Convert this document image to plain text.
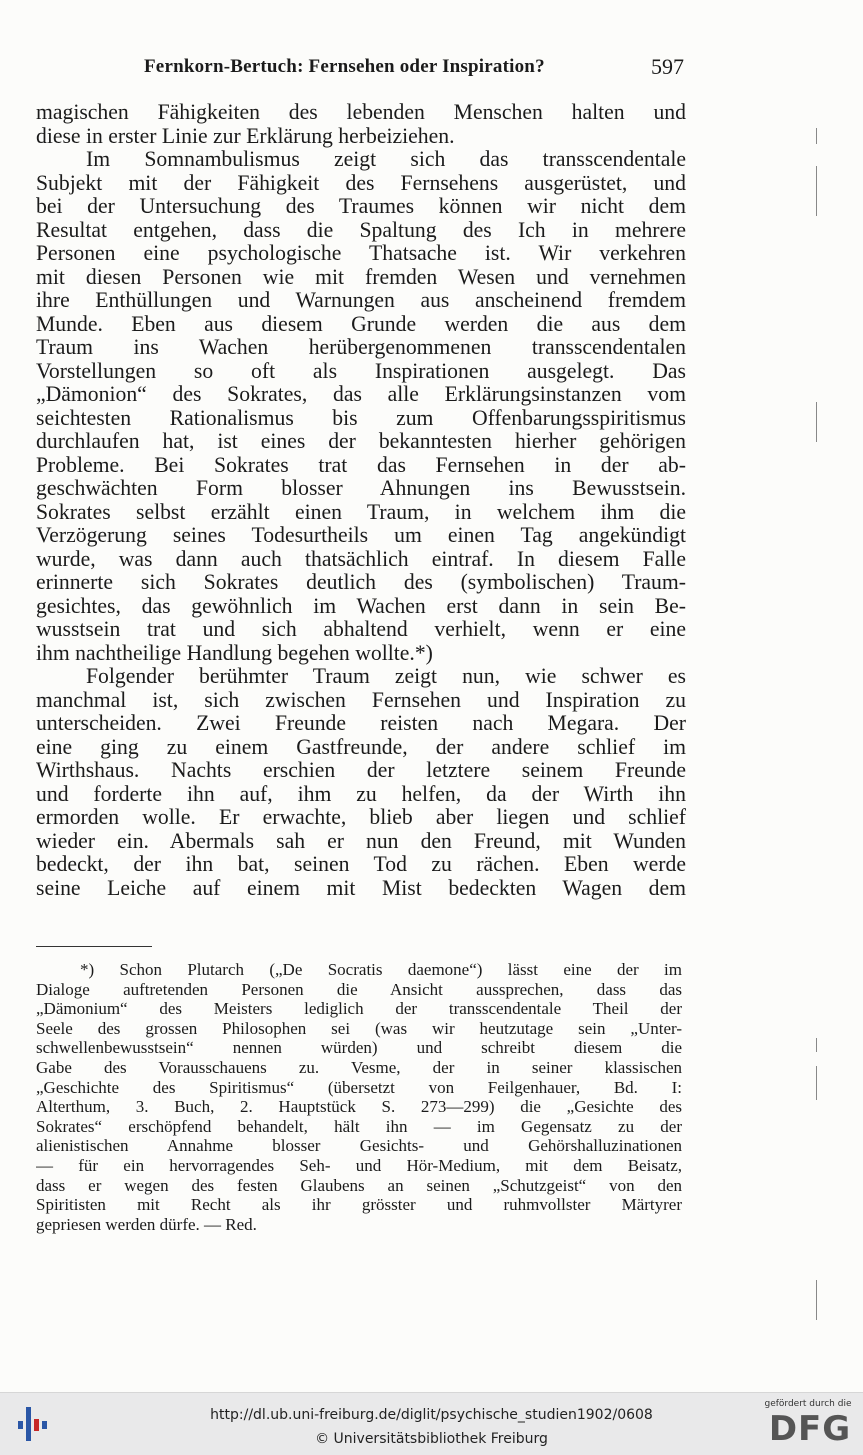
Fernkorn-Bertuch: Fernsehen oder Inspiration?	597
magischen Fähigkeiten des lebenden Menschen halten und
diese in erster Linie zur Erklärung herbeiziehen.
Im Somnambulismus zeigt sich das transscendentale
Subjekt mit der Fähigkeit des Fernsehens ausgerüstet, und
bei der Untersuchung des Traumes können wir nicht dem
Resultat entgehen, dass die Spaltung des Ich in mehrere
Personen eine psychologische Thatsache ist. Wir verkehren
mit diesen Personen wie mit fremden Wesen und vernehmen
ihre Enthüllungen und Warnungen aus anscheinend fremdem
Munde. Eben aus diesem Grunde werden die aus dem
Traum ins Wachen herübergenommenen transscendentalen
Vorstellungen so oft als Inspirationen ausgelegt. Das
„Dämonion“ des Sokrates, das alle Erklärungsinstanzen vom
seichtesten Rationalismus bis zum Offenbarungsspiritismus
durchlaufen hat, ist eines der bekanntesten hierher gehörigen
Probleme. Bei Sokrates trat das Fernsehen in der ab-
geschwächten Form blosser Ahnungen ins Bewusstsein.
Sokrates selbst erzählt einen Traum, in welchem ihm die
Verzögerung seines Todesurtheils um einen Tag angekündigt
wurde, was dann auch thatsächlich eintraf. In diesem Falle
erinnerte sich Sokrates deutlich des (symbolischen) Traum-
gesichtes, das gewöhnlich im Wachen erst dann in sein Be-
wusstsein trat und sich abhaltend verhielt, wenn er eine
ihm nachtheilige Handlung begehen wollte.*)
Folgender berühmter Traum zeigt nun, wie schwer es
manchmal ist, sich zwischen Fernsehen und Inspiration zu
unterscheiden. Zwei Freunde reisten nach Megara. Der
eine ging zu einem Gastfreunde, der andere schlief im
Wirthshaus. Nachts erschien der letztere seinem Freunde
und forderte ihn auf, ihm zu helfen, da der Wirth ihn
ermorden wolle. Er erwachte, blieb aber liegen und schlief
wieder ein. Abermals sah er nun den Freund, mit Wunden
bedeckt, der ihn bat, seinen Tod zu rächen. Eben werde
seine Leiche auf einem mit Mist bedeckten Wagen dem
*) Schon Plutarch („De Socratis daemone“) lässt eine der im
Dialoge auftretenden Personen die Ansicht aussprechen, dass das
„Dämonium“ des Meisters lediglich der transscendentale Theil der
Seele des grossen Philosophen sei (was wir heutzutage sein „Unter-
schwellenbewusstsein“ nennen würden) und schreibt diesem die
Gabe des Vorausschauens zu. Vesme, der in seiner klassischen
„Geschichte des Spiritismus“ (übersetzt von Feilgenhauer, Bd. I:
Alterthum, 3. Buch, 2. Hauptstück S. 273—299) die „Gesichte des
Sokrates“ erschöpfend behandelt, hält ihn — im Gegensatz zu der
alienistischen Annahme blosser Gesichts- und Gehörshalluzinationen
— für ein hervorragendes Seh- und Hör-Medium, mit dem Beisatz,
dass er wegen des festen Glaubens an seinen „Schutzgeist“ von den
Spiritisten mit Recht als ihr grösster und ruhmvollster Märtyrer
gepriesen werden dürfe. — Red.
http://dl.ub.uni-freiburg.de/diglit/psychische_studien1902/0608
© Universitätsbibliothek Freiburg
gefördert durch die
DFG
